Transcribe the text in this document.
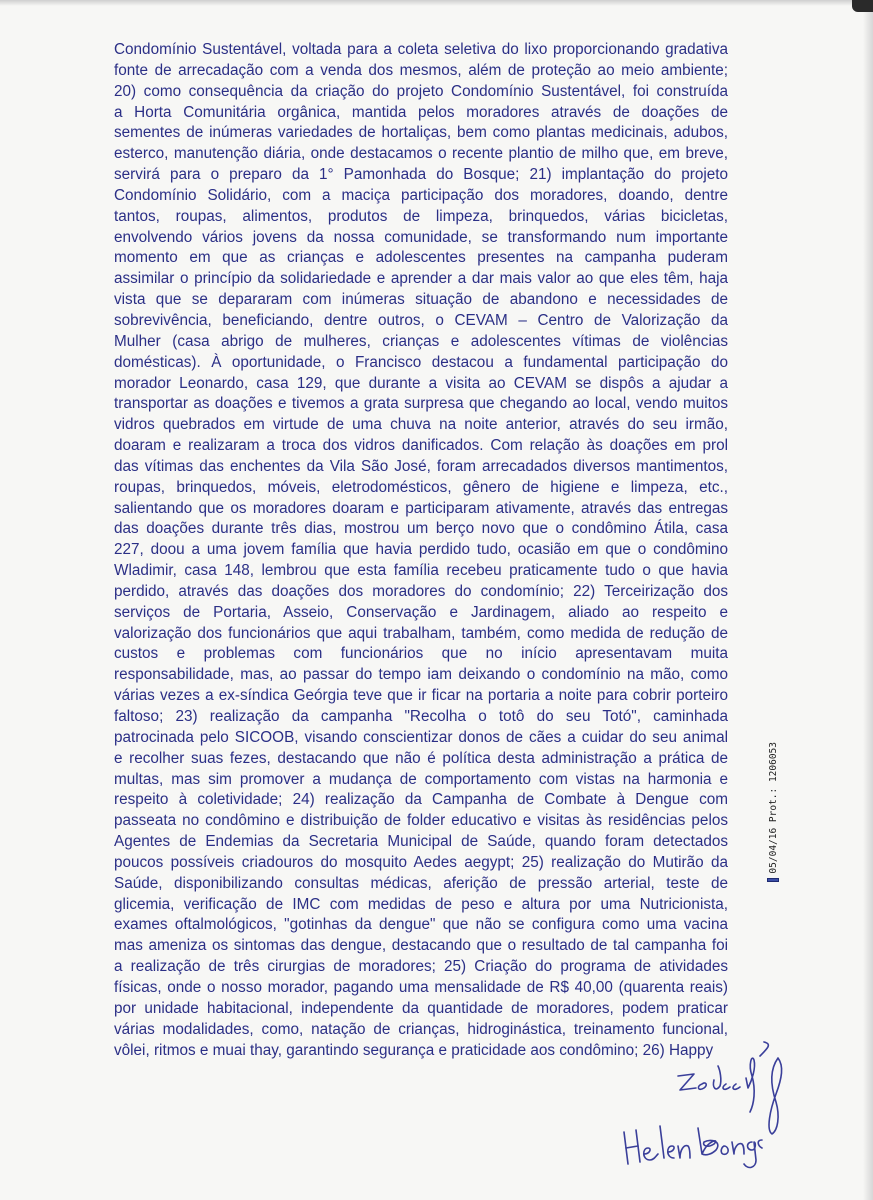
Condomínio Sustentável, voltada para a coleta seletiva do lixo proporcionando gradativa
fonte de arrecadação com a venda dos mesmos, além de proteção ao meio ambiente;
20) como consequência da criação do projeto Condomínio Sustentável, foi construída
a Horta Comunitária orgânica, mantida pelos moradores através de doações de
sementes de inúmeras variedades de hortaliças, bem como plantas medicinais, adubos,
esterco, manutenção diária, onde destacamos o recente plantio de milho que, em breve,
servirá para o preparo da 1° Pamonhada do Bosque; 21) implantação do projeto
Condomínio Solidário, com a maciça participação dos moradores, doando, dentre
tantos, roupas, alimentos, produtos de limpeza, brinquedos, várias bicicletas,
envolvendo vários jovens da nossa comunidade, se transformando num importante
momento em que as crianças e adolescentes presentes na campanha puderam
assimilar o princípio da solidariedade e aprender a dar mais valor ao que eles têm, haja
vista que se depararam com inúmeras situação de abandono e necessidades de
sobrevivência, beneficiando, dentre outros, o CEVAM – Centro de Valorização da
Mulher (casa abrigo de mulheres, crianças e adolescentes vítimas de violências
domésticas). À oportunidade, o Francisco destacou a fundamental participação do
morador Leonardo, casa 129, que durante a visita ao CEVAM se dispôs a ajudar a
transportar as doações e tivemos a grata surpresa que chegando ao local, vendo muitos
vidros quebrados em virtude de uma chuva na noite anterior, através do seu irmão,
doaram e realizaram a troca dos vidros danificados. Com relação às doações em prol
das vítimas das enchentes da Vila São José, foram arrecadados diversos mantimentos,
roupas, brinquedos, móveis, eletrodomésticos, gênero de higiene e limpeza, etc.,
salientando que os moradores doaram e participaram ativamente, através das entregas
das doações durante três dias, mostrou um berço novo que o condômino Átila, casa
227, doou a uma jovem família que havia perdido tudo, ocasião em que o condômino
Wladimir, casa 148, lembrou que esta família recebeu praticamente tudo o que havia
perdido, através das doações dos moradores do condomínio; 22) Terceirização dos
serviços de Portaria, Asseio, Conservação e Jardinagem, aliado ao respeito e
valorização dos funcionários que aqui trabalham, também, como medida de redução de
custos e problemas com funcionários que no início apresentavam muita
responsabilidade, mas, ao passar do tempo iam deixando o condomínio na mão, como
várias vezes a ex-síndica Geórgia teve que ir ficar na portaria a noite para cobrir porteiro
faltoso; 23) realização da campanha "Recolha o totô do seu Totó", caminhada
patrocinada pelo SICOOB, visando conscientizar donos de cães a cuidar do seu animal
e recolher suas fezes, destacando que não é política desta administração a prática de
multas, mas sim promover a mudança de comportamento com vistas na harmonia e
respeito à coletividade; 24) realização da Campanha de Combate à Dengue com
passeata no condômino e distribuição de folder educativo e visitas às residências pelos
Agentes de Endemias da Secretaria Municipal de Saúde, quando foram detectados
poucos possíveis criadouros do mosquito Aedes aegypt; 25) realização do Mutirão da
Saúde, disponibilizando consultas médicas, aferição de pressão arterial, teste de
glicemia, verificação de IMC com medidas de peso e altura por uma Nutricionista,
exames oftalmológicos, "gotinhas da dengue" que não se configura como uma vacina
mas ameniza os sintomas das dengue, destacando que o resultado de tal campanha foi
a realização de três cirurgias de moradores; 25) Criação do programa de atividades
físicas, onde o nosso morador, pagando uma mensalidade de R$ 40,00 (quarenta reais)
por unidade habitacional, independente da quantidade de moradores, podem praticar
várias modalidades, como, natação de crianças, hidroginástica, treinamento funcional,
vôlei, ritmos e muai thay, garantindo segurança e praticidade aos condômino; 26) Happy
05/04/16 Prot.: 1206053
